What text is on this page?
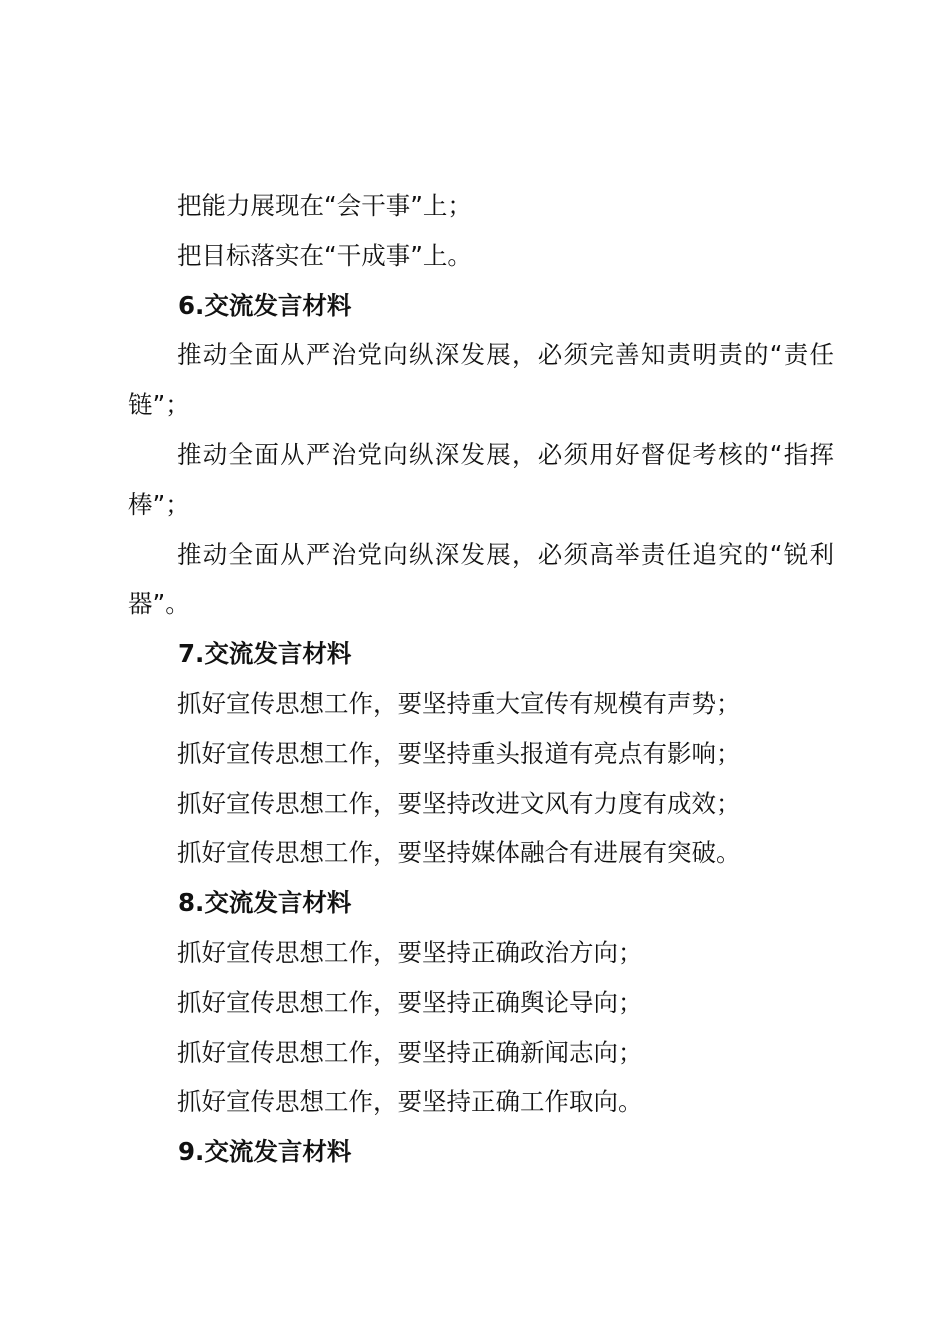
把能力展现在“会干事”上；

把目标落实在“干成事”上。

6.交流发言材料

推动全面从严治党向纵深发展，必须完善知责明责的“责任链”；

推动全面从严治党向纵深发展，必须用好督促考核的“指挥棒”；

推动全面从严治党向纵深发展，必须高举责任追究的“锐利器”。

7.交流发言材料

抓好宣传思想工作，要坚持重大宣传有规模有声势；

抓好宣传思想工作，要坚持重头报道有亮点有影响；

抓好宣传思想工作，要坚持改进文风有力度有成效；

抓好宣传思想工作，要坚持媒体融合有进展有突破。

8.交流发言材料

抓好宣传思想工作，要坚持正确政治方向；

抓好宣传思想工作，要坚持正确舆论导向；

抓好宣传思想工作，要坚持正确新闻志向；

抓好宣传思想工作，要坚持正确工作取向。

9.交流发言材料
